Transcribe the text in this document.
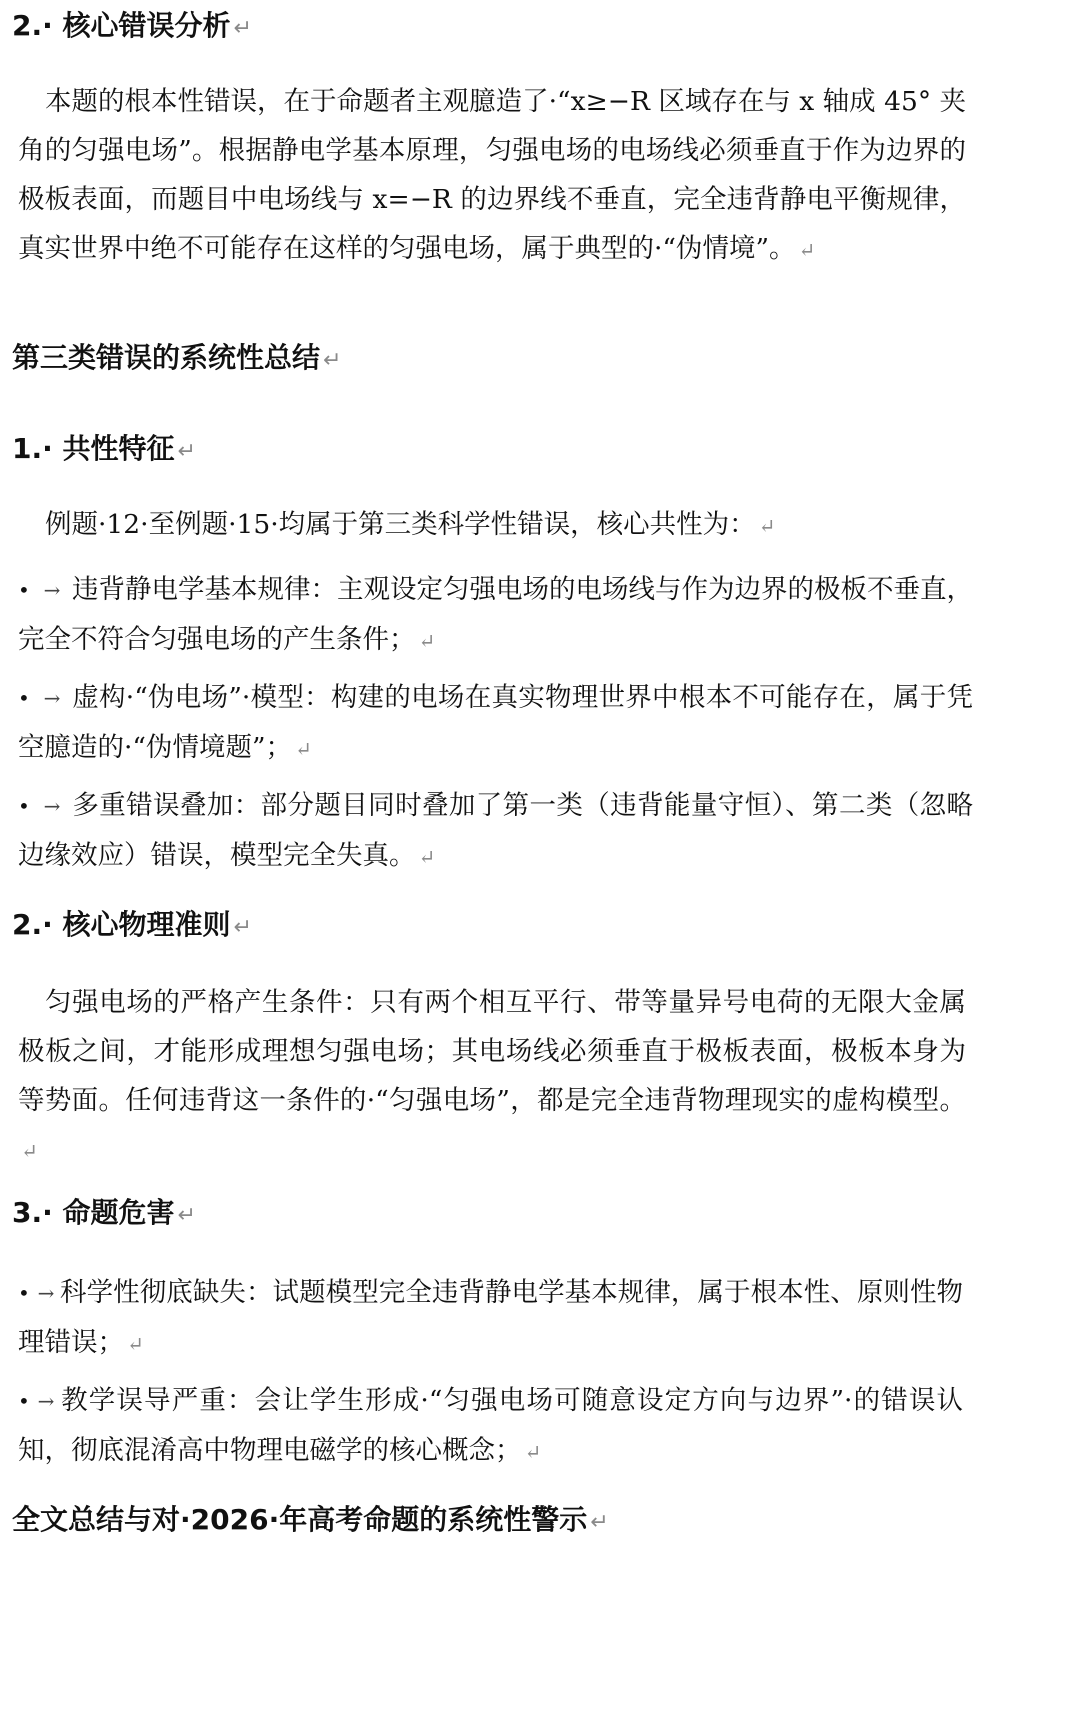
2.· 核心错误分析 ↵

本题的根本性错误，在于命题者主观臆造了·“x≥−R 区域存在与 x 轴成 45° 夹角的匀强电场”。根据静电学基本原理，匀强电场的电场线必须垂直于作为边界的极板表面，而题目中电场线与 x=−R 的边界线不垂直，完全违背静电平衡规律，真实世界中绝不可能存在这样的匀强电场，属于典型的·“伪情境”。 ↵

第三类错误的系统性总结 ↵
1.· 共性特征 ↵

例题·12·至例题·15·均属于第三类科学性错误，核心共性为： ↵

• → 违背静电学基本规律：主观设定匀强电场的电场线与作为边界的极板不垂直，完全不符合匀强电场的产生条件； ↵

• → 虚构·“伪电场”·模型：构建的电场在真实物理世界中根本不可能存在，属于凭空臆造的·“伪情境题”； ↵

• → 多重错误叠加：部分题目同时叠加了第一类（违背能量守恒）、第二类（忽略边缘效应）错误，模型完全失真。 ↵

2.· 核心物理准则 ↵

匀强电场的严格产生条件：只有两个相互平行、带等量异号电荷的无限大金属极板之间，才能形成理想匀强电场；其电场线必须垂直于极板表面，极板本身为等势面。任何违背这一条件的·“匀强电场”，都是完全违背物理现实的虚构模型。↵

3.· 命题危害 ↵

• → 科学性彻底缺失：试题模型完全违背静电学基本规律，属于根本性、原则性物理错误； ↵

• → 教学误导严重：会让学生形成·“匀强电场可随意设定方向与边界”·的错误认知，彻底混淆高中物理电磁学的核心概念； ↵

全文总结与对·2026·年高考命题的系统性警示 ↵
